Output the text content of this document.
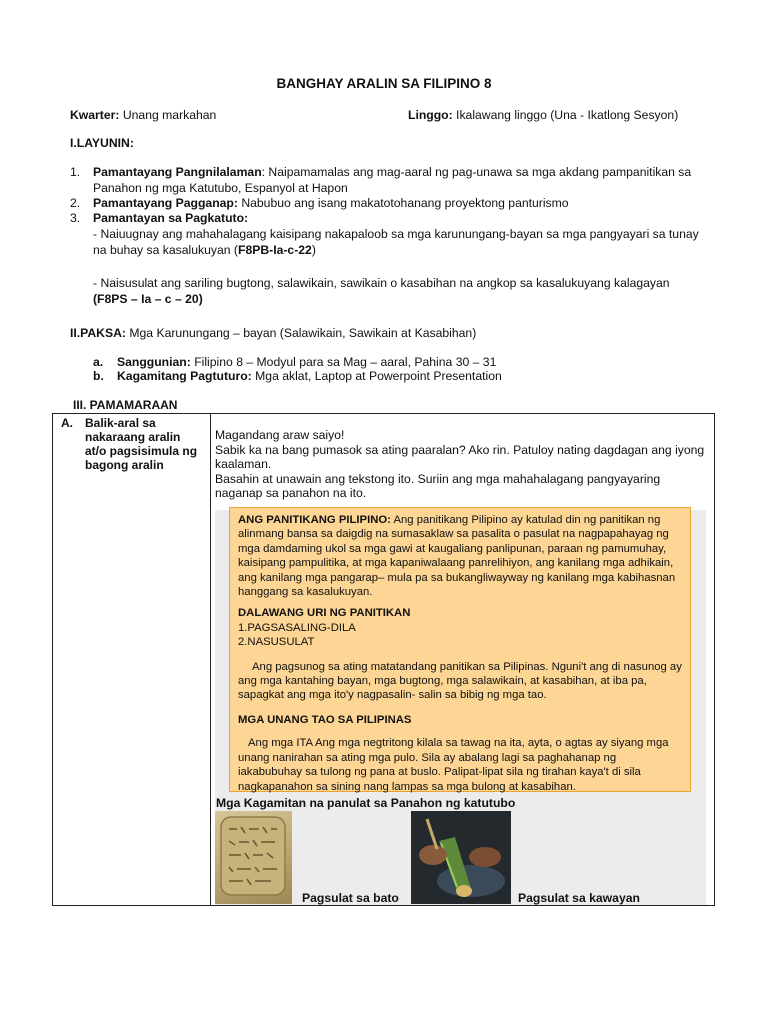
BANGHAY ARALIN SA FILIPINO 8
Kwarter: Unang markahan	Linggo: Ikalawang linggo (Una - Ikatlong Sesyon)
I.LAYUNIN:
1. Pamantayang Pangnilalaman: Naipamamalas ang mag-aaral ng pag-unawa sa mga akdang pampanitikan sa Panahon ng mga Katutubo, Espanyol at Hapon
2. Pamantayang Pagganap: Nabubuo ang isang makatotohanang proyektong panturismo
3. Pamantayan sa Pagkatuto:
- Naiuugnay ang mahahalagang kaisipang nakapaloob sa mga karunungang-bayan sa mga pangyayari sa tunay na buhay sa kasalukuyan (F8PB-Ia-c-22)
- Naisusulat ang sariling bugtong, salawikain, sawikain o kasabihan na angkop sa kasalukuyang kalagayan
(F8PS – Ia – c – 20)
II.PAKSA: Mga Karunungang – bayan (Salawikain, Sawikain at Kasabihan)
a. Sanggunian: Filipino 8 – Modyul para sa Mag – aaral, Pahina 30 – 31
b. Kagamitang Pagtuturo: Mga aklat, Laptop at Powerpoint Presentation
III. PAMAMARAAN

A. Balik-aral sa nakaraang aralin at/o pagsisimula ng bagong aralin
Magandang araw saiyo!
Sabik ka na bang pumasok sa ating paaralan? Ako rin. Patuloy nating dagdagan ang iyong kaalaman.
Basahin at unawain ang tekstong ito. Suriin ang mga mahahalagang pangyayaring naganap sa panahon na ito.

ANG PANITIKANG PILIPINO: Ang panitikang Pilipino ay katulad din ng panitikan ng alinmang bansa sa daigdig na sumasaklaw sa pasalita o pasulat na nagpapahayag ng mga damdaming ukol sa mga gawi at kaugaliang panlipunan, paraan ng pamumuhay, kaisipang pampulitika, at mga kapaniwalaang panrelihiyon, ang kanilang mga adhikain, ang kanilang mga pangarap– mula pa sa bukangliwayway ng kanilang mga kabihasnan hanggang sa kasalukuyan.

DALAWANG URI NG PANITIKAN

1.PAGSASALING-DILA

2.NASUSULAT

Ang pagsunog sa ating matatandang panitikan sa Pilipinas. Nguni't ang di nasunog ay ang mga kantahing bayan, mga bugtong, mga salawikain, at kasabihan, at iba pa, sapagkat ang mga ito'y nagpasalin- salin sa bibig ng mga tao.

MGA UNANG TAO SA PILIPINAS

Ang mga ITA Ang mga negtritong kilala sa tawag na ita, ayta, o agtas ay siyang mga unang nanirahan sa ating mga pulo. Sila ay abalang lagi sa paghahanap ng iakabubuhay sa tulong ng pana at buslo. Palipat-lipat sila ng tirahan kaya't di sila nagkapanahon sa sining nang lampas sa mga bulong at kasabihan.

Mga Kagamitan na panulat sa Panahon ng katutubo
Pagsulat sa bato	Pagsulat sa kawayan
